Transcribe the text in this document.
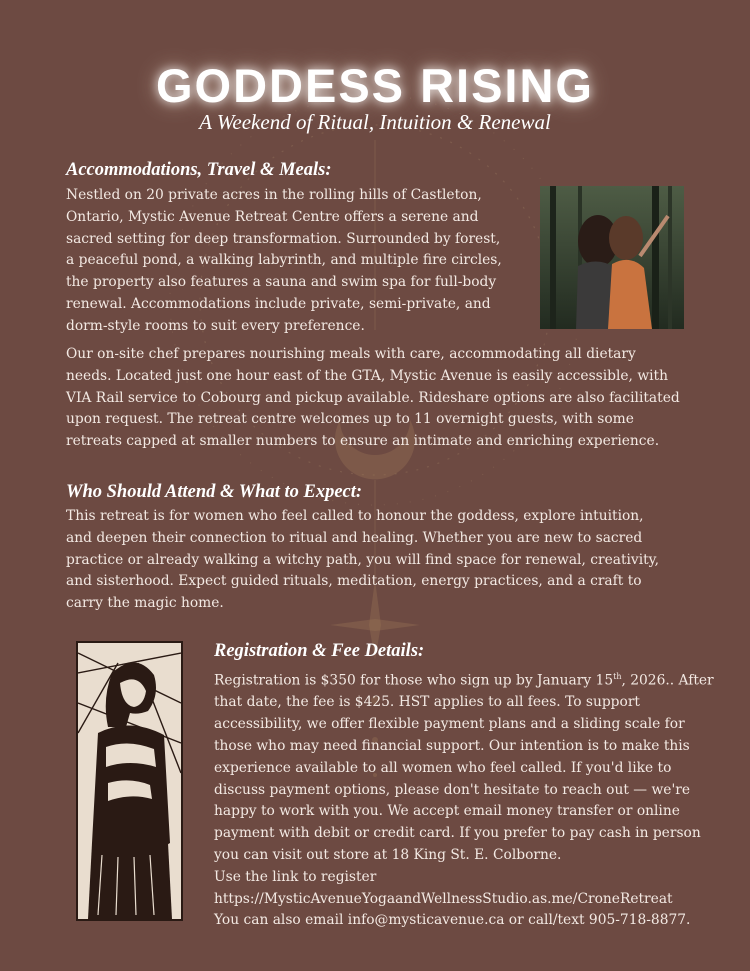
GODDESS RISING
A Weekend of Ritual, Intuition & Renewal
Accommodations, Travel & Meals:
Nestled on 20 private acres in the rolling hills of Castleton,
Ontario, Mystic Avenue Retreat Centre offers a serene and
sacred setting for deep transformation. Surrounded by forest,
a peaceful pond, a walking labyrinth, and multiple fire circles,
the property also features a sauna and swim spa for full-body
renewal. Accommodations include private, semi-private, and
dorm-style rooms to suit every preference.
Our on-site chef prepares nourishing meals with care, accommodating all dietary
needs. Located just one hour east of the GTA, Mystic Avenue is easily accessible, with
VIA Rail service to Cobourg and pickup available. Rideshare options are also facilitated
upon request. The retreat centre welcomes up to 11 overnight guests, with some
retreats capped at smaller numbers to ensure an intimate and enriching experience.
Who Should Attend & What to Expect:
This retreat is for women who feel called to honour the goddess, explore intuition,
and deepen their connection to ritual and healing. Whether you are new to sacred
practice or already walking a witchy path, you will find space for renewal, creativity,
and sisterhood. Expect guided rituals, meditation, energy practices, and a craft to
carry the magic home.
Registration & Fee Details:
Registration is $350 for those who sign up by January 15th, 2026.. After
that date, the fee is $425. HST applies to all fees. To support
accessibility, we offer flexible payment plans and a sliding scale for
those who may need financial support. Our intention is to make this
experience available to all women who feel called. If you'd like to
discuss payment options, please don't hesitate to reach out — we're
happy to work with you. We accept email money transfer or online
payment with debit or credit card. If you prefer to pay cash in person
you can visit out store at 18 King St. E. Colborne.
Use the link to register
https://MysticAvenueYogaandWellnessStudio.as.me/CroneRetreat
You can also email info@mysticavenue.ca or call/text 905-718-8877.
